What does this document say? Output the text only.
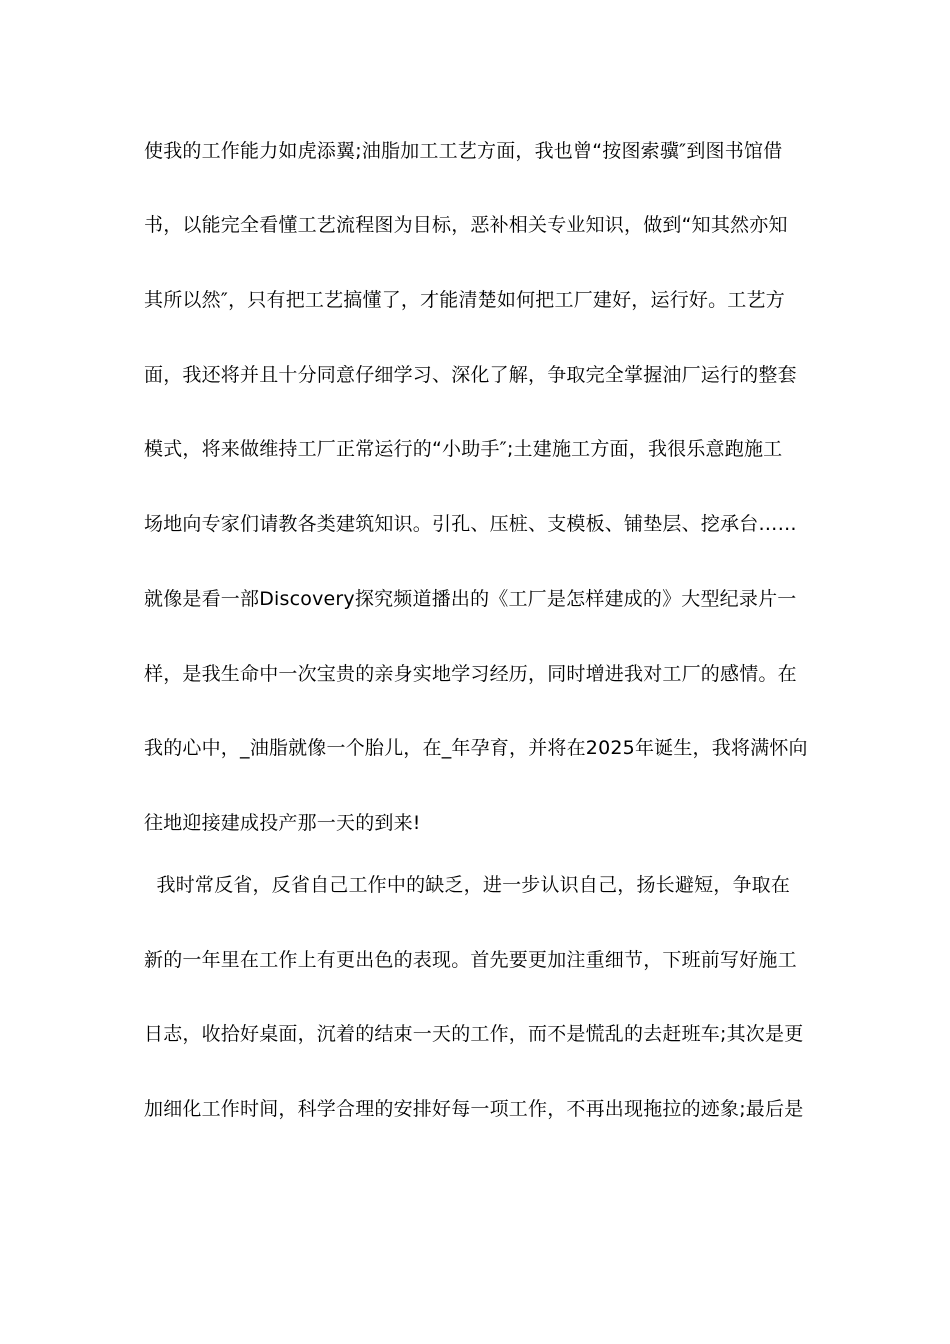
使我的工作能力如虎添翼;油脂加工工艺方面，我也曾“按图索骥″到图书馆借

书，以能完全看懂工艺流程图为目标，恶补相关专业知识，做到“知其然亦知

其所以然″，只有把工艺搞懂了，才能清楚如何把工厂建好，运行好。工艺方

面，我还将并且十分同意仔细学习、深化了解，争取完全掌握油厂运行的整套

模式，将来做维持工厂正常运行的“小助手″;土建施工方面，我很乐意跑施工

场地向专家们请教各类建筑知识。引孔、压桩、支模板、铺垫层、挖承台……

就像是看一部Discovery探究频道播出的《工厂是怎样建成的》大型纪录片一

样，是我生命中一次宝贵的亲身实地学习经历，同时增进我对工厂的感情。在

我的心中，_油脂就像一个胎儿，在_年孕育，并将在2025年诞生，我将满怀向

往地迎接建成投产那一天的到来!

我时常反省，反省自己工作中的缺乏，进一步认识自己，扬长避短，争取在

新的一年里在工作上有更出色的表现。首先要更加注重细节，下班前写好施工

日志，收拾好桌面，沉着的结束一天的工作，而不是慌乱的去赶班车;其次是更

加细化工作时间，科学合理的安排好每一项工作，不再出现拖拉的迹象;最后是
